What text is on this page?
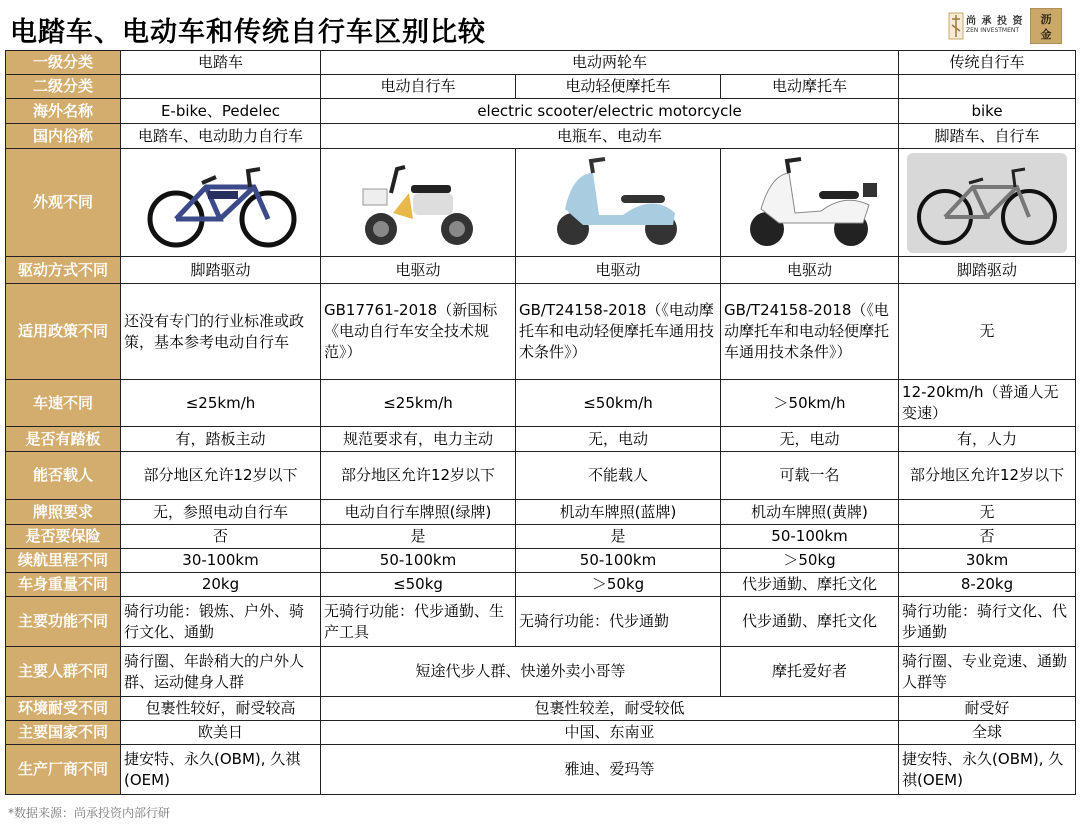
电踏车、电动车和传统自行车区别比较	尚 承 投 资
ZEN INVESTMENT
沥
金
一级分类	电踏车	电动两轮车			传统自行车
二级分类		电动自行车	电动轻便摩托车	电动摩托车	
海外名称	E-bike、Pedelec	electric scooter/electric motorcycle			bike
国内俗称	电踏车、电动助力自行车	电瓶车、电动车			脚踏车、自行车
外观不同	

驱动方式不同	脚踏驱动	电驱动	电驱动	电驱动	脚踏驱动
适用政策不同	还没有专门的行业标准或政策，基本参考电动自行车	GB17761-2018（新国标《电动自行车安全技术规范》）	GB/T24158-2018（《电动摩托车和电动轻便摩托车通用技术条件》）	GB/T24158-2018（《电动摩托车和电动轻便摩托车通用技术条件》）	无
车速不同	≤25km/h	≤25km/h	≤50km/h	＞50km/h	12-20km/h（普通人无变速）
是否有踏板	有，踏板主动	规范要求有，电力主动	无，电动	无，电动	有，人力
能否载人	部分地区允许12岁以下	部分地区允许12岁以下	不能载人	可载一名	部分地区允许12岁以下
牌照要求	无，参照电动自行车	电动自行车牌照(绿牌)	机动车牌照(蓝牌)	机动车牌照(黄牌)	无
是否要保险	否	是	是	50-100km	否
续航里程不同	30-100km	50-100km	50-100km	＞50kg	30km
车身重量不同	20kg	≤50kg	＞50kg	代步通勤、摩托文化	8-20kg
主要功能不同	骑行功能：锻炼、户外、骑行文化、通勤	无骑行功能：代步通勤、生产工具	无骑行功能：代步通勤	代步通勤、摩托文化	骑行功能：骑行文化、代步通勤
主要人群不同	骑行圈、年龄稍大的户外人群、运动健身人群	短途代步人群、快递外卖小哥等		摩托爱好者	骑行圈、专业竞速、通勤人群等
环境耐受不同	包裹性较好，耐受较高	包裹性较差，耐受较低			耐受好
主要国家不同	欧美日	中国、东南亚			全球
生产厂商不同	捷安特、永久(OBM), 久祺(OEM)	雅迪、爱玛等			捷安特、永久(OBM), 久祺(OEM)
*数据来源：尚承投资内部行研
